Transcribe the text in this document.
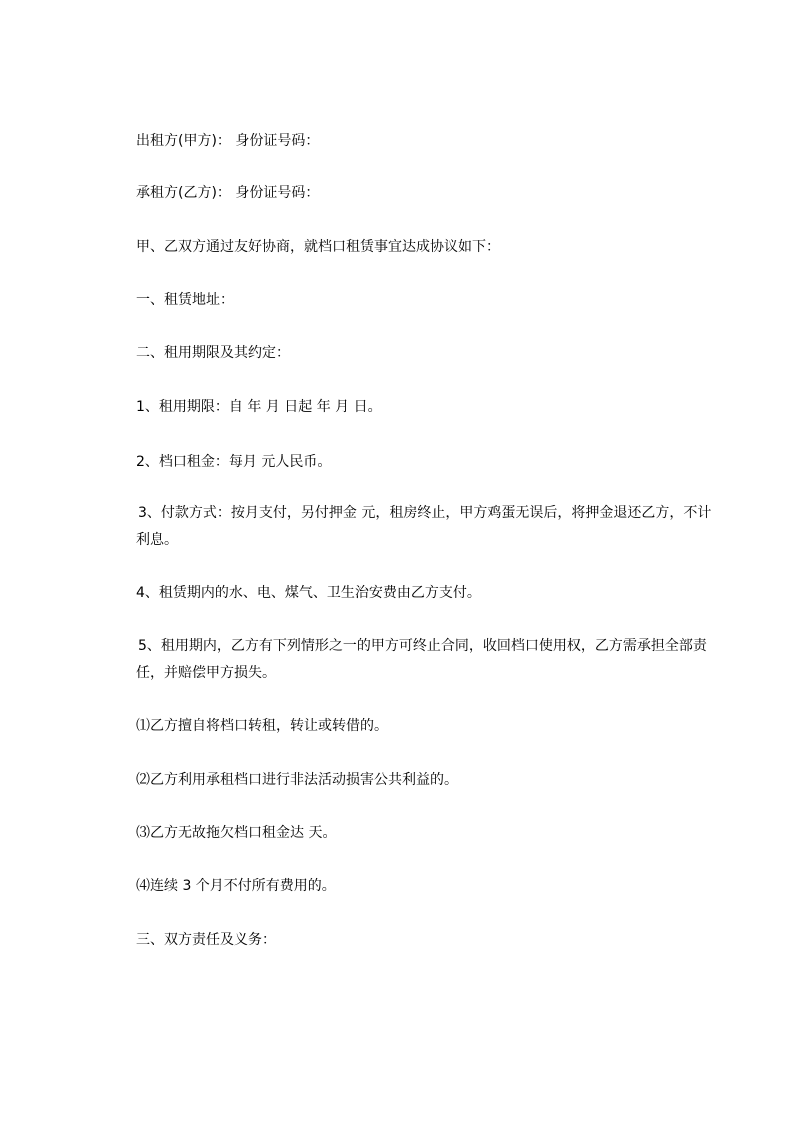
出租方(甲方)： 身份证号码：
承租方(乙方)： 身份证号码：
甲、乙双方通过友好协商，就档口租赁事宜达成协议如下：
一、租赁地址：
二、租用期限及其约定：
1、租用期限：自 年 月 日起 年 月 日。
2、档口租金：每月 元人民币。
3、付款方式：按月支付，另付押金 元，租房终止，甲方鸡蛋无误后，将押金退还乙方，不计利息。
4、租赁期内的水、电、煤气、卫生治安费由乙方支付。
5、租用期内，乙方有下列情形之一的甲方可终止合同，收回档口使用权，乙方需承担全部责任，并赔偿甲方损失。
⑴乙方擅自将档口转租，转让或转借的。
⑵乙方利用承租档口进行非法活动损害公共利益的。
⑶乙方无故拖欠档口租金达 天。
⑷连续 3 个月不付所有费用的。
三、双方责任及义务：
